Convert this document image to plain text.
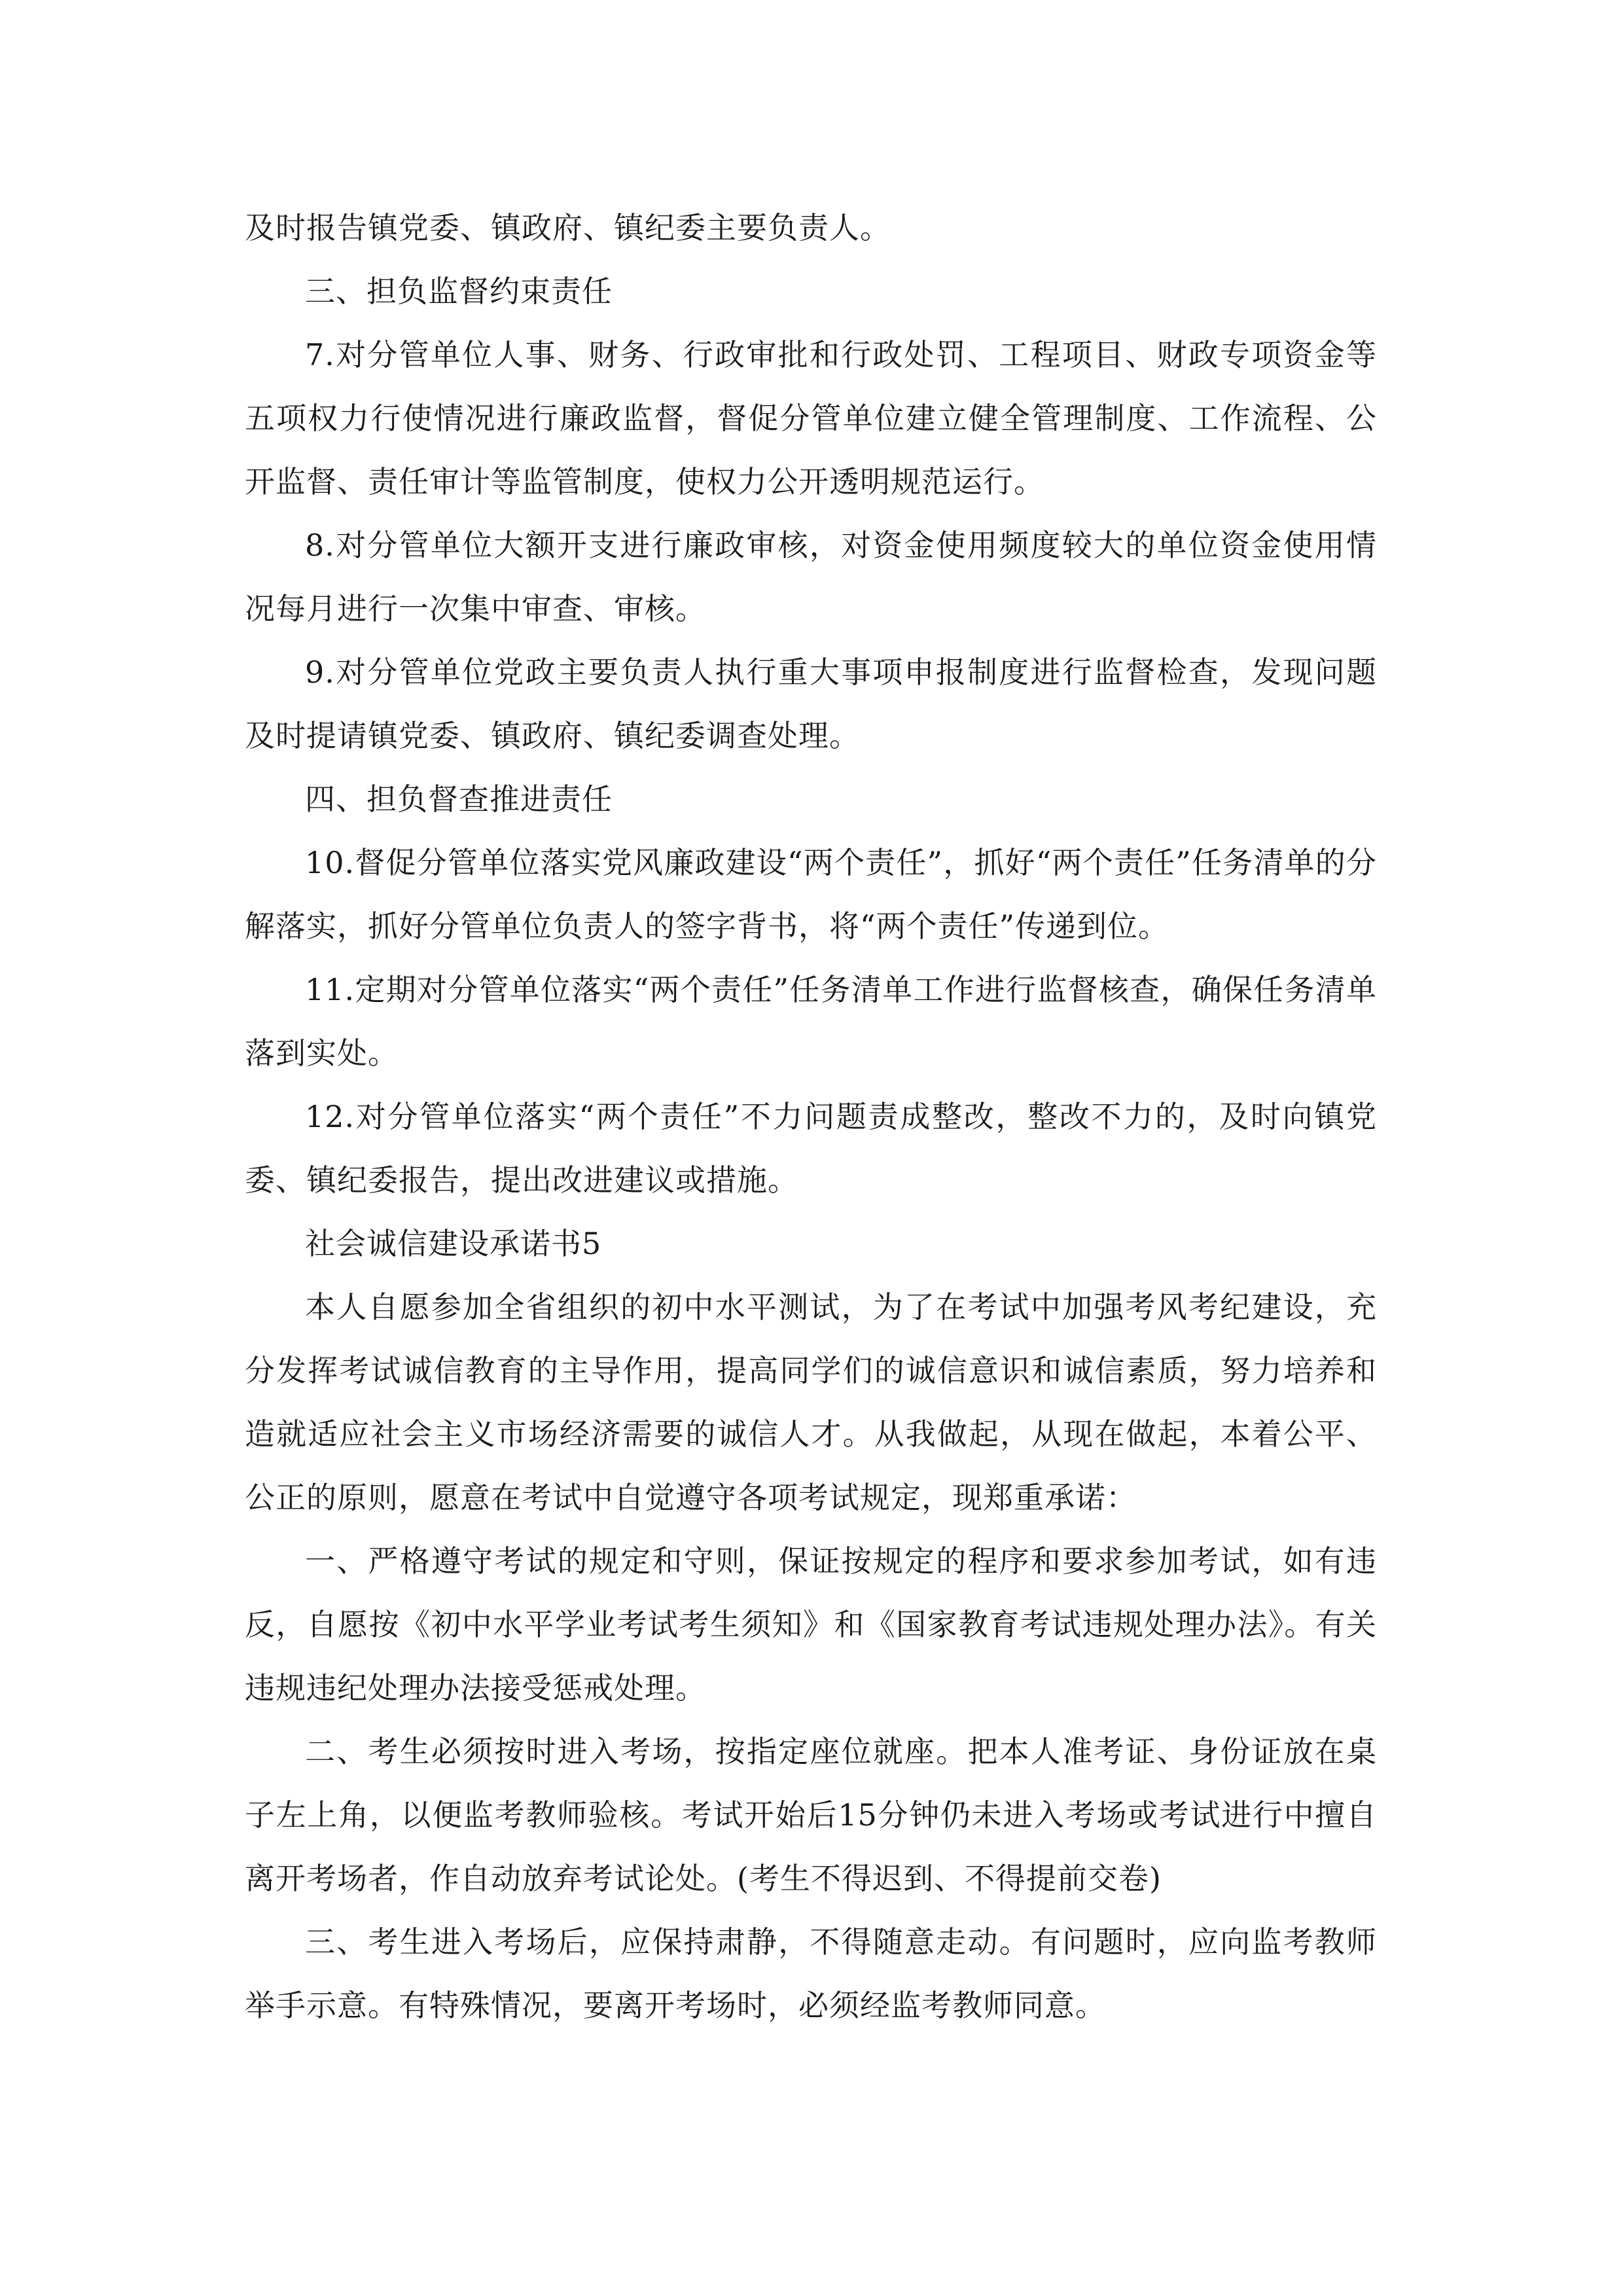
及时报告镇党委、镇政府、镇纪委主要负责人。

三、担负监督约束责任

7.对分管单位人事、财务、行政审批和行政处罚、工程项目、财政专项资金等五项权力行使情况进行廉政监督，督促分管单位建立健全管理制度、工作流程、公开监督、责任审计等监管制度，使权力公开透明规范运行。

8.对分管单位大额开支进行廉政审核，对资金使用频度较大的单位资金使用情况每月进行一次集中审查、审核。

9.对分管单位党政主要负责人执行重大事项申报制度进行监督检查，发现问题及时提请镇党委、镇政府、镇纪委调查处理。

四、担负督查推进责任

10.督促分管单位落实党风廉政建设“两个责任”，抓好“两个责任”任务清单的分解落实，抓好分管单位负责人的签字背书，将“两个责任”传递到位。

11.定期对分管单位落实“两个责任”任务清单工作进行监督核查，确保任务清单落到实处。

12.对分管单位落实“两个责任”不力问题责成整改，整改不力的，及时向镇党委、镇纪委报告，提出改进建议或措施。

社会诚信建设承诺书5

本人自愿参加全省组织的初中水平测试，为了在考试中加强考风考纪建设，充分发挥考试诚信教育的主导作用，提高同学们的诚信意识和诚信素质，努力培养和造就适应社会主义市场经济需要的诚信人才。从我做起，从现在做起，本着公平、公正的原则，愿意在考试中自觉遵守各项考试规定，现郑重承诺：

一、严格遵守考试的规定和守则，保证按规定的程序和要求参加考试，如有违反，自愿按《初中水平学业考试考生须知》和《国家教育考试违规处理办法》。有关违规违纪处理办法接受惩戒处理。

二、考生必须按时进入考场，按指定座位就座。把本人准考证、身份证放在桌子左上角，以便监考教师验核。考试开始后15分钟仍未进入考场或考试进行中擅自离开考场者，作自动放弃考试论处。(考生不得迟到、不得提前交卷)

三、考生进入考场后，应保持肃静，不得随意走动。有问题时，应向监考教师举手示意。有特殊情况，要离开考场时，必须经监考教师同意。
